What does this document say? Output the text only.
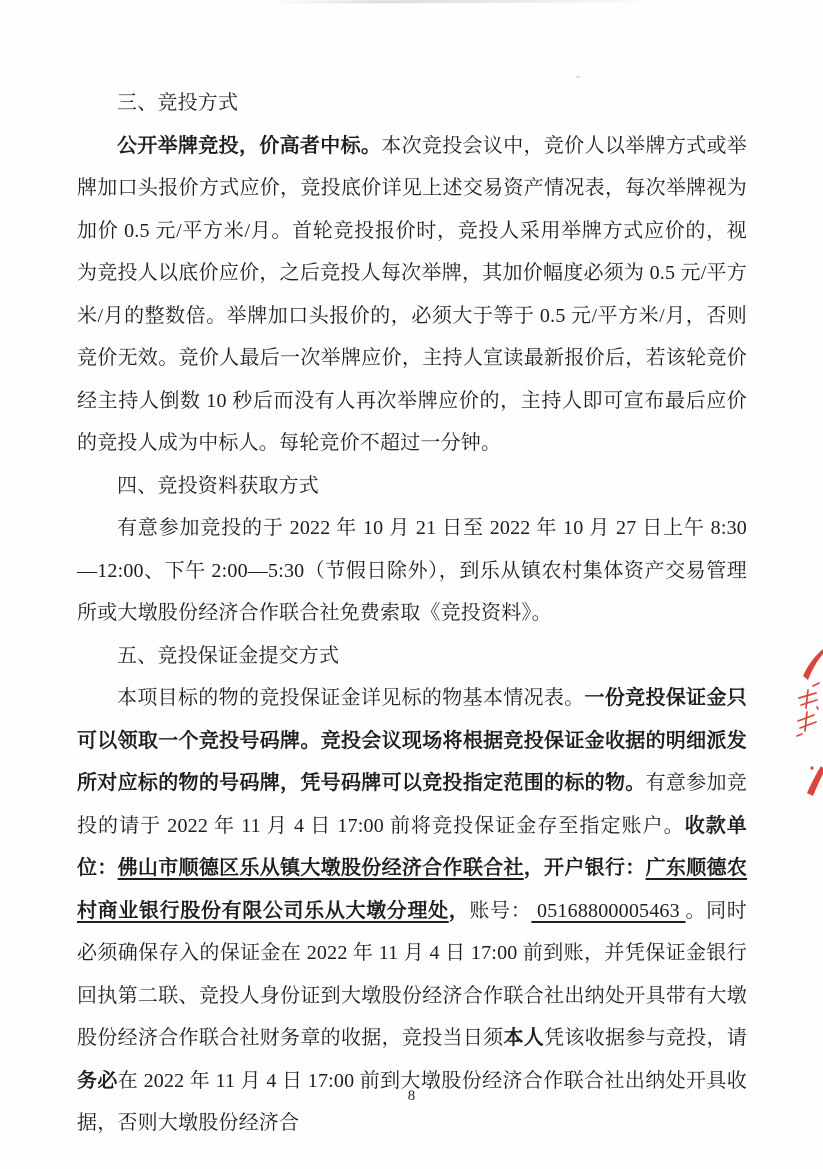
三、竞投方式

公开举牌竞投，价高者中标。本次竞投会议中，竞价人以举牌方式或举牌加口头报价方式应价，竞投底价详见上述交易资产情况表，每次举牌视为加价 0.5 元/平方米/月。首轮竞投报价时，竞投人采用举牌方式应价的，视为竞投人以底价应价，之后竞投人每次举牌，其加价幅度必须为 0.5 元/平方米/月的整数倍。举牌加口头报价的，必须大于等于 0.5 元/平方米/月，否则竞价无效。竞价人最后一次举牌应价，主持人宣读最新报价后，若该轮竞价经主持人倒数 10 秒后而没有人再次举牌应价的，主持人即可宣布最后应价的竞投人成为中标人。每轮竞价不超过一分钟。

四、竞投资料获取方式

有意参加竞投的于 2022 年 10 月 21 日至 2022 年 10 月 27 日上午 8:30—12:00、下午 2:00—5:30（节假日除外），到乐从镇农村集体资产交易管理所或大墩股份经济合作联合社免费索取《竞投资料》。

五、竞投保证金提交方式

本项目标的物的竞投保证金详见标的物基本情况表。一份竞投保证金只可以领取一个竞投号码牌。竞投会议现场将根据竞投保证金收据的明细派发所对应标的物的号码牌，凭号码牌可以竞投指定范围的标的物。有意参加竞投的请于 2022 年 11 月 4 日 17:00 前将竞投保证金存至指定账户。收款单位：佛山市顺德区乐从镇大墩股份经济合作联合社，开户银行：广东顺德农村商业银行股份有限公司乐从大墩分理处，账号： 05168800005463 。同时必须确保存入的保证金在 2022 年 11 月 4 日 17:00 前到账，并凭保证金银行回执第二联、竞投人身份证到大墩股份经济合作联合社出纳处开具带有大墩股份经济合作联合社财务章的收据，竞投当日须本人凭该收据参与竞投，请务必在 2022 年 11 月 4 日 17:00 前到大墩股份经济合作联合社出纳处开具收据，否则大墩股份经济合

8
